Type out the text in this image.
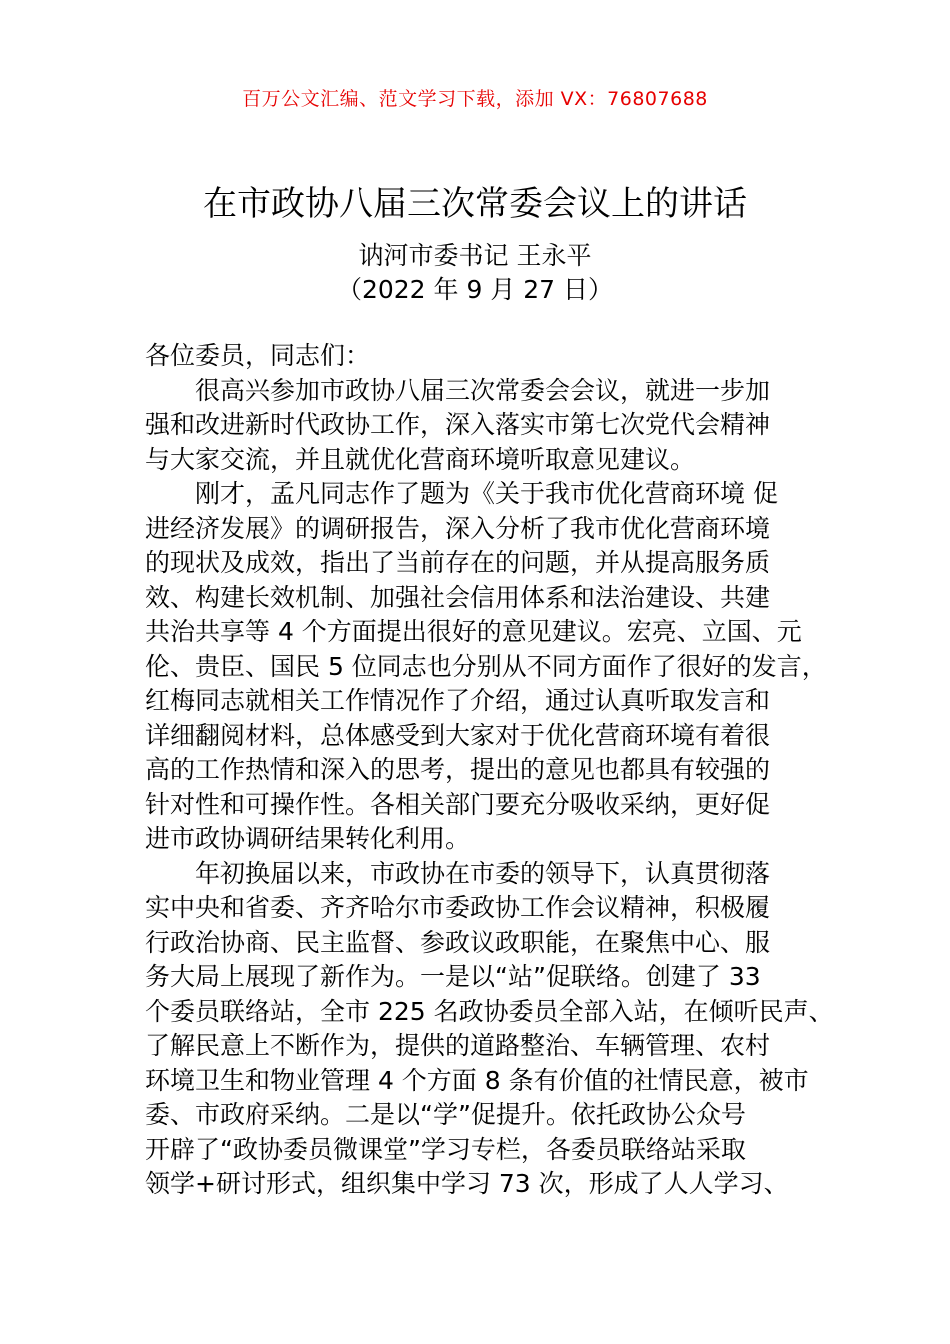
百万公文汇编、范文学习下载，添加 VX：76807688
在市政协八届三次常委会议上的讲话
讷河市委书记 王永平
（2022 年 9 月 27 日）
各位委员，同志们：
很高兴参加市政协八届三次常委会会议，就进一步加
强和改进新时代政协工作，深入落实市第七次党代会精神
与大家交流，并且就优化营商环境听取意见建议。
刚才，孟凡同志作了题为《关于我市优化营商环境 促
进经济发展》的调研报告，深入分析了我市优化营商环境
的现状及成效，指出了当前存在的问题，并从提高服务质
效、构建长效机制、加强社会信用体系和法治建设、共建
共治共享等 4 个方面提出很好的意见建议。宏亮、立国、元
伦、贵臣、国民 5 位同志也分别从不同方面作了很好的发言，
红梅同志就相关工作情况作了介绍，通过认真听取发言和
详细翻阅材料，总体感受到大家对于优化营商环境有着很
高的工作热情和深入的思考，提出的意见也都具有较强的
针对性和可操作性。各相关部门要充分吸收采纳，更好促
进市政协调研结果转化利用。
年初换届以来，市政协在市委的领导下，认真贯彻落
实中央和省委、齐齐哈尔市委政协工作会议精神，积极履
行政治协商、民主监督、参政议政职能，在聚焦中心、服
务大局上展现了新作为。一是以“站”促联络。创建了 33
个委员联络站，全市 225 名政协委员全部入站，在倾听民声、
了解民意上不断作为，提供的道路整治、车辆管理、农村
环境卫生和物业管理 4 个方面 8 条有价值的社情民意，被市
委、市政府采纳。二是以“学”促提升。依托政协公众号
开辟了“政协委员微课堂”学习专栏，各委员联络站采取
领学+研讨形式，组织集中学习 73 次，形成了人人学习、
